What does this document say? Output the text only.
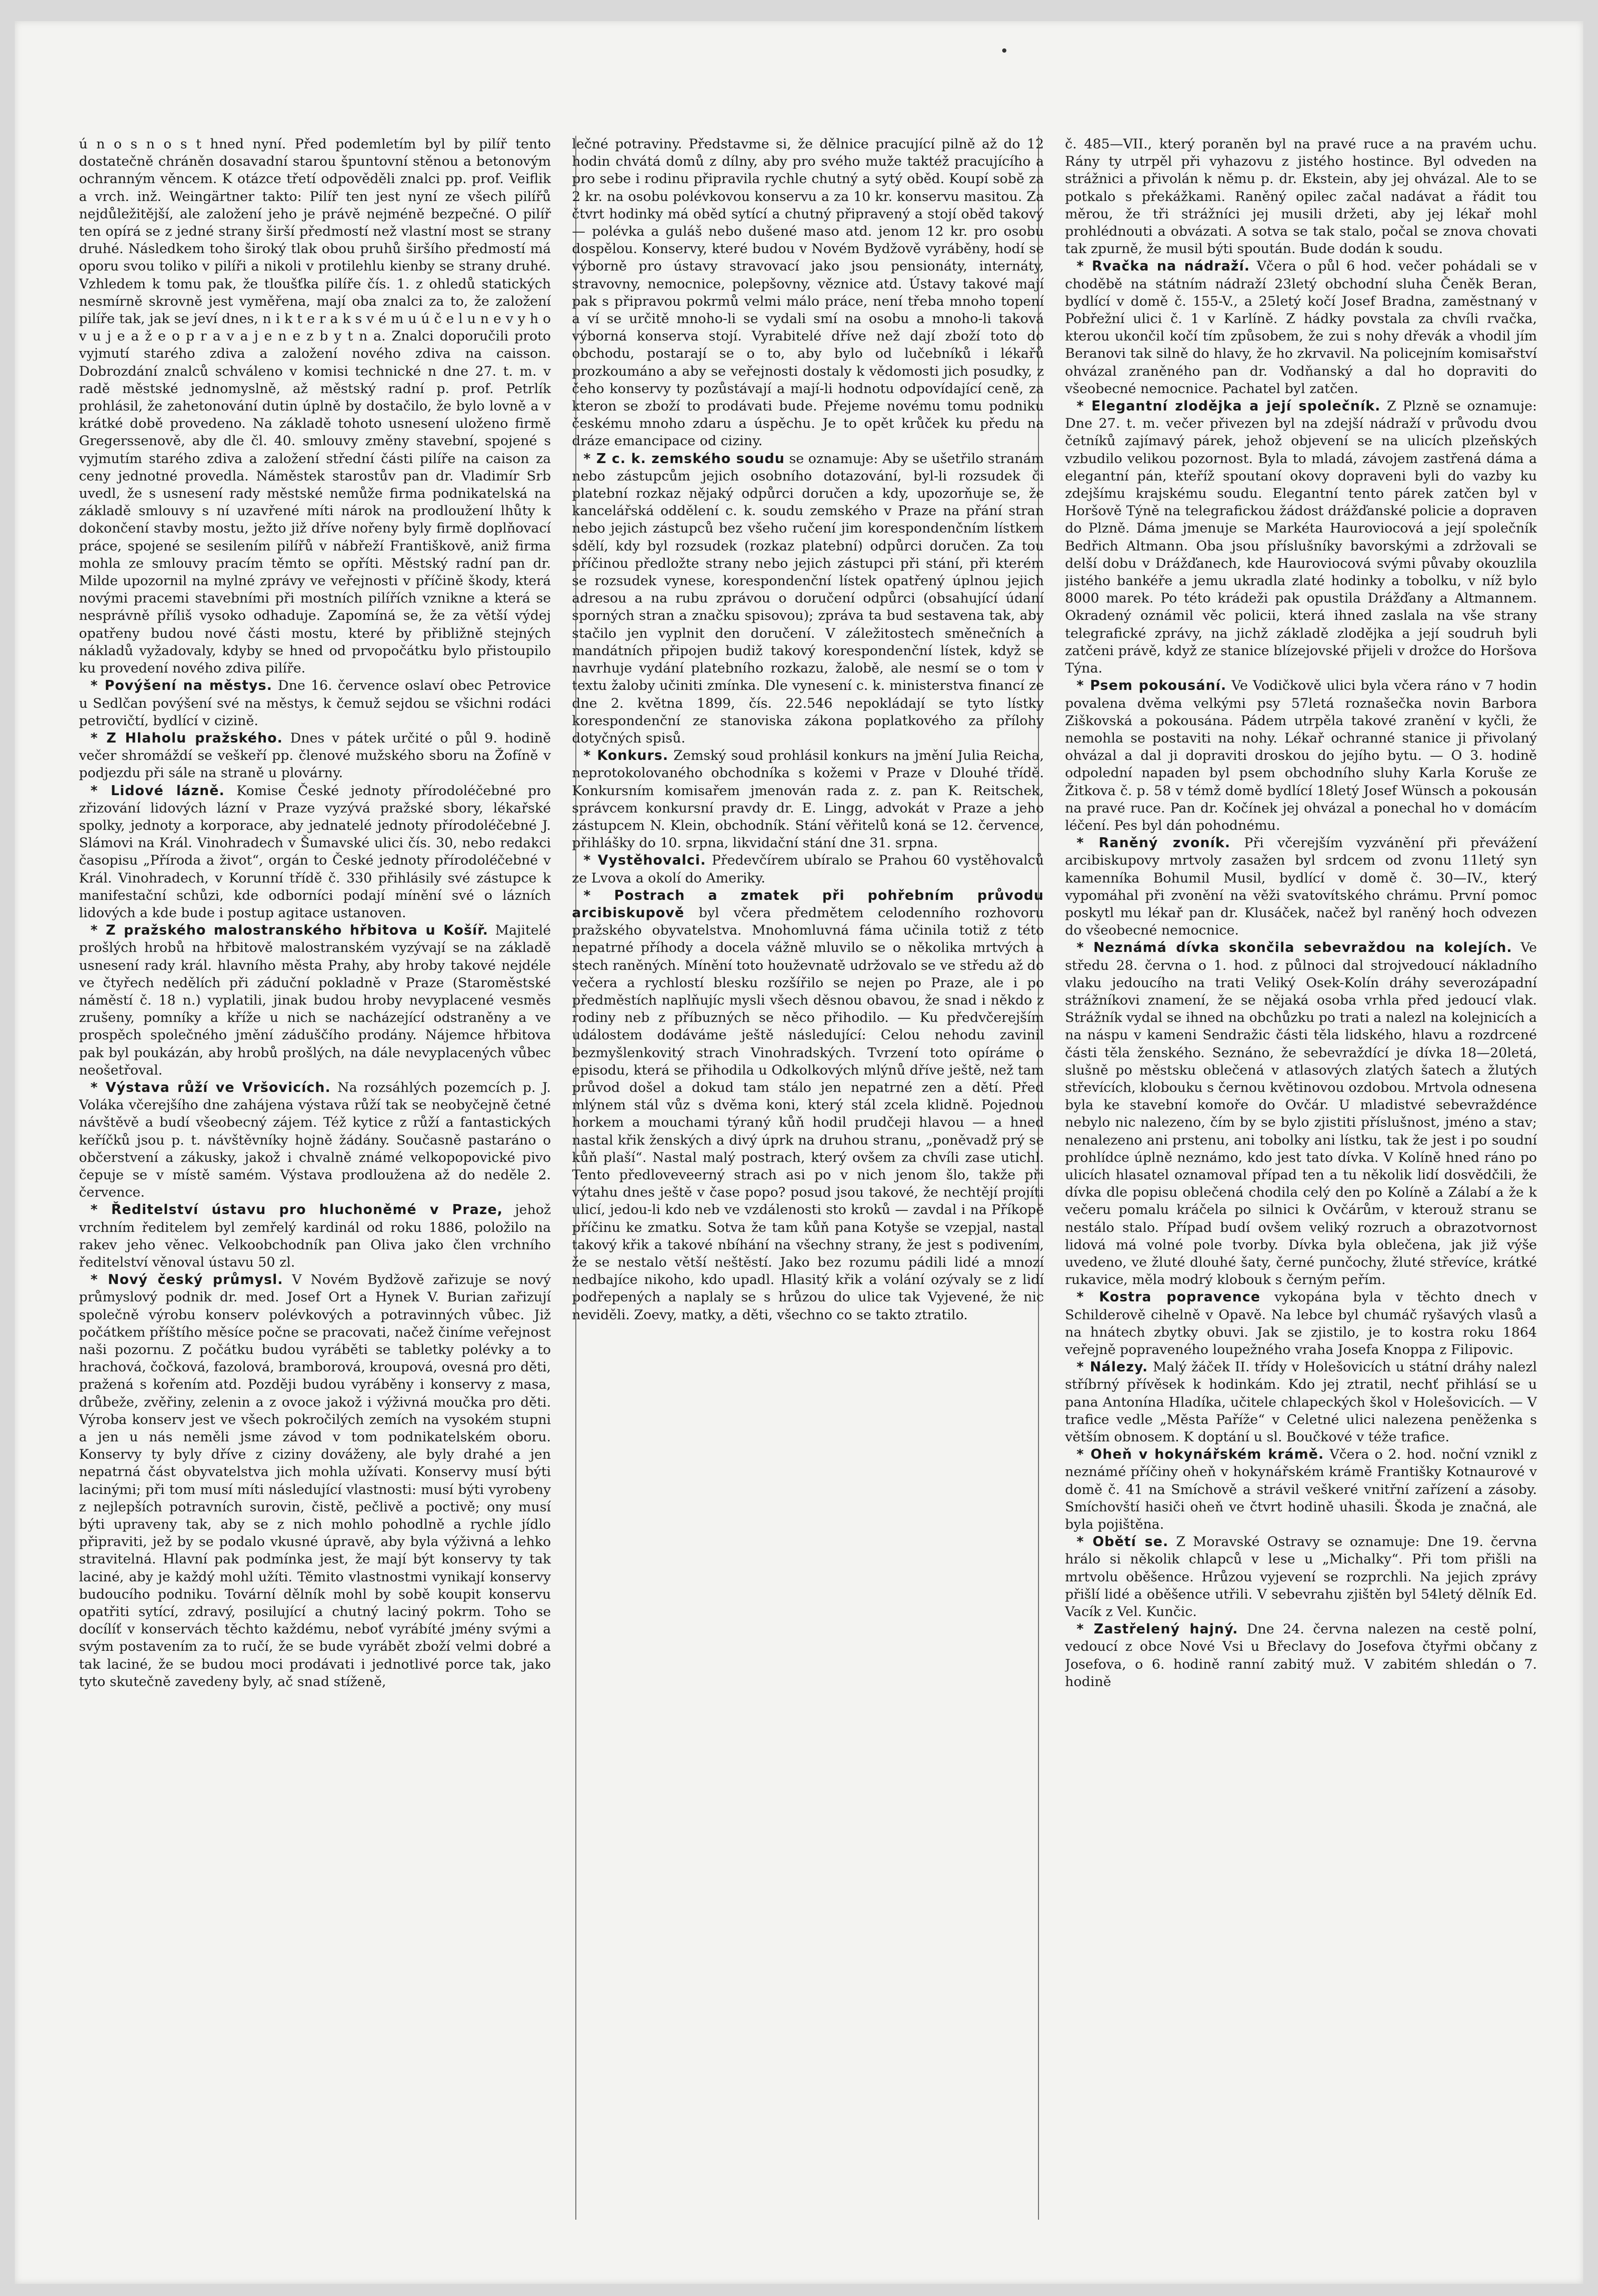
ú n o s n o s t hned nyní. Před podemletím byl by pilíř tento dostatečně chráněn dosavadní starou špuntovní stěnou a betonovým ochranným věncem. K otázce třetí odpověděli znalci pp. prof. Veiflik a vrch. inž. Weingärtner takto: Pilíř ten jest nyní ze všech pilířů nejdůležitější, ale založení jeho je právě nejméně bezpečné. O pilíř ten opírá se z jedné strany širší předmostí než vlastní most se strany druhé. Následkem toho široký tlak obou pruhů širšího předmostí má oporu svou toliko v pilíři a nikoli v protilehlu kienby se strany druhé. Vzhledem k tomu pak, že tloušťka pilíře čís. 1. z ohledů statických nesmírně skrovně jest vyměřena, mají oba znalci za to, že založení pilíře tak, jak se jeví dnes, n i k t e r a k s v é m u ú č e l u n e v y h o v u j e a ž e o p r a v a j e n e z b y t n a. Znalci doporučili proto vyjmutí starého zdiva a založení nového zdiva na caisson. Dobrozdání znalců schváleno v komisi technické n dne 27. t. m. v radě městské jednomyslně, až městský radní p. prof. Petrlík prohlásil, že zahetonování dutin úplně by dostačilo, že bylo lovně a v krátké době provedeno. Na základě tohoto usnesení uloženo firmě Gregerssenově, aby dle čl. 40. smlouvy změny stavební, spojené s vyjmutím starého zdiva a založení střední části pilíře na caison za ceny jednotné provedla. Náměstek starostův pan dr. Vladimír Srb uvedl, že s usnesení rady městské nemůže firma podnikatelská na základě smlouvy s ní uzavřené míti nárok na prodloužení lhůty k dokončení stavby mostu, ježto již dříve nořeny byly firmě doplňovací práce, spojené se sesilením pilířů v nábřeží Františkově, aniž firma mohla ze smlouvy pracím těmto se opříti. Městský radní pan dr. Milde upozornil na mylné zprávy ve veřejnosti v příčině škody, která novými pracemi stavebními při mostních pilířích vznikne a která se nesprávně příliš vysoko odhaduje. Zapomíná se, že za větší výdej opatřeny budou nové části mostu, které by přibližně stejných nákladů vyžadovaly, kdyby se hned od prvopočátku bylo přistoupilo ku provedení nového zdiva pilíře.

* Povýšení na městys. Dne 16. července oslaví obec Petrovice u Sedlčan povýšení své na městys, k čemuž sejdou se všichni rodáci petrovičtí, bydlící v cizině.

* Z Hlaholu pražského. Dnes v pátek určité o půl 9. hodině večer shromáždí se veškeří pp. členové mužského sboru na Žofíně v podjezdu při sále na straně u plovárny.

* Lidové lázně. Komise České jednoty přírodoléčebné pro zřizování lidových lázní v Praze vyzývá pražské sbory, lékařské spolky, jednoty a korporace, aby jednatelé jednoty přírodoléčebné J. Slámovi na Král. Vinohradech v Šumavské ulici čís. 30, nebo redakci časopisu „Příroda a život“, orgán to České jednoty přírodoléčebné v Král. Vinohradech, v Korunní třídě č. 330 přihlásily své zástupce k manifestační schůzi, kde odborníci podají mínění své o lázních lidových a kde bude i postup agitace ustanoven.

* Z pražského malostranského hřbitova u Košíř. Majitelé prošlých hrobů na hřbitově malostranském vyzývají se na základě usnesení rady král. hlavního města Prahy, aby hroby takové nejdéle ve čtyřech nedělích při záduční pokladně v Praze (Staroměstské náměstí č. 18 n.) vyplatili, jinak budou hroby nevyplacené vesměs zrušeny, pomníky a kříže u nich se nacházející odstraněny a ve prospěch společného jmění záduščího prodány. Nájemce hřbitova pak byl poukázán, aby hrobů prošlých, na dále nevyplacených vůbec neošetřoval.

* Výstava růží ve Vršovicích. Na rozsáhlých pozemcích p. J. Voláka včerejšího dne zahájena výstava růží tak se neobyčejně četné návštěvě a budí všeobecný zájem. Též kytice z růží a fantastických keříčků jsou p. t. návštěvníky hojně žádány. Současně pastaráno o občerstvení a zákusky, jakož i chvalně známé velkopopovické pivo čepuje se v místě samém. Výstava prodloužena až do neděle 2. července.

* Ředitelství ústavu pro hluchoněmé v Praze, jehož vrchním ředitelem byl zemřelý kardinál od roku 1886, položilo na rakev jeho věnec. Velkoobchodník pan Oliva jako člen vrchního ředitelství věnoval ústavu 50 zl.

* Nový český průmysl. V Novém Bydžově zařizuje se nový průmyslový podnik dr. med. Josef Ort a Hynek V. Burian zařizují společně výrobu konserv polévkových a potravinných vůbec. Již počátkem příštího měsíce počne se pracovati, načež činíme veřejnost naši pozornu. Z počátku budou vyráběti se tabletky polévky a to hrachová, čočková, fazolová, bramborová, kroupová, ovesná pro děti, pražená s kořením atd. Později budou vyráběny i konservy z masa, drůbeže, zvěřiny, zelenin a z ovoce jakož i výživná moučka pro děti. Výroba konserv jest ve všech pokročilých zemích na vysokém stupni a jen u nás neměli jsme závod v tom podnikatelském oboru. Konservy ty byly dříve z ciziny dováženy, ale byly drahé a jen nepatrná část obyvatelstva jich mohla užívati. Konservy musí býti lacinými; při tom musí míti následující vlastnosti: musí býti vyrobeny z nejlepších potravních surovin, čistě, pečlivě a poctivě; ony musí býti upraveny tak, aby se z nich mohlo pohodlně a rychle jídlo připraviti, jež by se podalo vkusné úpravě, aby byla výživná a lehko stravitelná. Hlavní pak podmínka jest, že mají být konservy ty tak laciné, aby je každý mohl užíti. Těmito vlastnostmi vynikají konservy budoucího podniku. Tovární dělník mohl by sobě koupit konservu opatřiti sytící, zdravý, posilující a chutný laciný pokrm. Toho se docílíť v konservách těchto každému, neboť vyrábíté jmény svými a svým postavením za to ručí, že se bude vyrábět zboží velmi dobré a tak laciné, že se budou moci prodávati i jednotlivé porce tak, jako tyto skutečně zavedeny byly, ač snad stíženě,

lečné potraviny. Představme si, že dělnice pracující pilně až do 12 hodin chvátá domů z dílny, aby pro svého muže taktéž pracujícího a pro sebe i rodinu připravila rychle chutný a sytý oběd. Koupí sobě za 2 kr. na osobu polévkovou konservu a za 10 kr. konservu masitou. Za čtvrt hodinky má oběd sytící a chutný připravený a stojí oběd takový — polévka a guláš nebo dušené maso atd. jenom 12 kr. pro osobu dospělou. Konservy, které budou v Novém Bydžově vyráběny, hodí se výborně pro ústavy stravovací jako jsou pensionáty, internáty, stravovny, nemocnice, polepšovny, věznice atd. Ústavy takové mají pak s připravou pokrmů velmi málo práce, není třeba mnoho topení a ví se určitě mnoho-li se vydali smí na osobu a mnoho-li taková výborná konserva stojí. Vyrabitelé dříve než dají zboží toto do obchodu, postarají se o to, aby bylo od lučebníků i lékařů prozkoumáno a aby se veřejnosti dostaly k vědomosti jich posudky, z čeho konservy ty pozůstávají a mají-li hodnotu odpovídající ceně, za kteron se zboží to prodávati bude. Přejeme novému tomu podniku českému mnoho zdaru a úspěchu. Je to opět krůček ku předu na dráze emancipace od ciziny.

* Z c. k. zemského soudu se oznamuje: Aby se ušetřilo stranám nebo zástupcům jejich osobního dotazování, byl-li rozsudek či platební rozkaz nějaký odpůrci doručen a kdy, upozorňuje se, že kancelářská oddělení c. k. soudu zemského v Praze na přání stran nebo jejich zástupců bez všeho ručení jim korespondenčním lístkem sdělí, kdy byl rozsudek (rozkaz platební) odpůrci doručen. Za tou příčinou předložte strany nebo jejich zástupci při stání, při kterém se rozsudek vynese, korespondenční lístek opatřený úplnou jejich adresou a na rubu zprávou o doručení odpůrci (obsahující údaní sporných stran a značku spisovou); zpráva ta bud sestavena tak, aby stačilo jen vyplnit den doručení. V záležitostech směnečních a mandátních připojen budiž takový korespondenční lístek, když se navrhuje vydání platebního rozkazu, žalobě, ale nesmí se o tom v textu žaloby učiniti zmínka. Dle vynesení c. k. ministerstva financí ze dne 2. května 1899, čís. 22.546 nepokládají se tyto lístky korespondenční ze stanoviska zákona poplatkového za přílohy dotyčných spisů.

* Konkurs. Zemský soud prohlásil konkurs na jmění Julia Reicha, neprotokolovaného obchodníka s kožemi v Praze v Dlouhé třídě. Konkursním komisařem jmenován rada z. z. pan K. Reitschek, správcem konkursní pravdy dr. E. Lingg, advokát v Praze a jeho zástupcem N. Klein, obchodník. Stání věřitelů koná se 12. července, přihlášky do 10. srpna, likvidační stání dne 31. srpna.

* Vystěhovalci. Předevčírem ubíralo se Prahou 60 vystěhovalců ze Lvova a okolí do Ameriky.

* Postrach a zmatek při pohřebním průvodu arcibiskupově byl včera předmětem celodenního rozhovoru pražského obyvatelstva. Mnohomluvná fáma učinila totiž z této nepatrné příhody a docela vážně mluvilo se o několika mrtvých a stech raněných. Mínění toto houževnatě udržovalo se ve středu až do večera a rychlostí blesku rozšířilo se nejen po Praze, ale i po předměstích naplňujíc mysli všech děsnou obavou, že snad i někdo z rodiny neb z příbuzných se něco přihodilo. — Ku předvčerejším událostem dodáváme ještě následující: Celou nehodu zavinil bezmyšlenkovitý strach Vinohradských. Tvrzení toto opíráme o episodu, která se přihodila u Odkolkových mlýnů dříve ještě, než tam průvod došel a dokud tam stálo jen nepatrné zen a dětí. Před mlýnem stál vůz s dvěma koni, který stál zcela klidně. Pojednou horkem a mouchami týraný kůň hodil prudčeji hlavou — a hned nastal křik ženských a divý úprk na druhou stranu, „poněvadž prý se kůň plaší“. Nastal malý postrach, který ovšem za chvíli zase utichl. Tento předloveveerný strach asi po v nich jenom šlo, takže při výtahu dnes ještě v čase popo? posud jsou takové, že nechtějí projíti ulicí, jedou-li kdo neb ve vzdálenosti sto kroků — zavdal i na Příkopě příčinu ke zmatku. Sotva že tam kůň pana Kotyše se vzepjal, nastal takový křik a takové nbíhání na všechny strany, že jest s podivením, že se nestalo větší neštěstí. Jako bez rozumu pádili lidé a mnozí nedbajíce nikoho, kdo upadl. Hlasitý křik a volání ozývaly se z lidí podřepených a naplaly se s hrůzou do ulice tak Vyjevené, že nic neviděli. Zoevy, matky, a děti, všechno co se takto ztratilo.

č. 485—VII., který poraněn byl na pravé ruce a na pravém uchu. Rány ty utrpěl při vyhazovu z jistého hostince. Byl odveden na strážnici a přivolán k němu p. dr. Ekstein, aby jej ohvázal. Ale to se potkalo s překážkami. Raněný opilec začal nadávat a řádit tou měrou, že tři strážníci jej musili držeti, aby jej lékař mohl prohlédnouti a obvázati. A sotva se tak stalo, počal se znova chovati tak zpurně, že musil býti spoután. Bude dodán k soudu.

* Rvačka na nádraží. Včera o půl 6 hod. večer pohádali se v choděbě na státním nádraží 23letý obchodní sluha Čeněk Beran, bydlící v domě č. 155-V., a 25letý kočí Josef Bradna, zaměstnaný v Pobřežní ulici č. 1 v Karlíně. Z hádky povstala za chvíli rvačka, kterou ukončil kočí tím způsobem, že zui s nohy dřevák a vhodil jím Beranovi tak silně do hlavy, že ho zkrvavil. Na policejním komisařství ohvázal zraněného pan dr. Vodňanský a dal ho dopraviti do všeobecné nemocnice. Pachatel byl zatčen.

* Elegantní zlodějka a její společník. Z Plzně se oznamuje: Dne 27. t. m. večer přivezen byl na zdejší nádraží v průvodu dvou četníků zajímavý párek, jehož objevení se na ulicích plzeňských vzbudilo velikou pozornost. Byla to mladá, závojem zastřená dáma a elegantní pán, kteříž spoutaní okovy dopraveni byli do vazby ku zdejšímu krajskému soudu. Elegantní tento párek zatčen byl v Horšově Týně na telegrafickou žádost drážďanské policie a dopraven do Plzně. Dáma jmenuje se Markéta Hauroviocová a její společník Bedřich Altmann. Oba jsou příslušníky bavorskými a zdržovali se delší dobu v Drážďanech, kde Hauroviocová svými půvaby okouzlila jistého bankéře a jemu ukradla zlaté hodinky a tobolku, v níž bylo 8000 marek. Po této krádeži pak opustila Drážďany a Altmannem. Okradený oznámil věc policii, která ihned zaslala na vše strany telegrafické zprávy, na jichž základě zlodějka a její soudruh byli zatčeni právě, když ze stanice blízejovské přijeli v drožce do Horšova Týna.

* Psem pokousání. Ve Vodičkově ulici byla včera ráno v 7 hodin povalena dvěma velkými psy 57letá roznašečka novin Barbora Ziškovská a pokousána. Pádem utrpěla takové zranění v kyčli, že nemohla se postaviti na nohy. Lékař ochranné stanice ji přivolaný ohvázal a dal ji dopraviti droskou do jejího bytu. — O 3. hodině odpolední napaden byl psem obchodního sluhy Karla Koruše ze Žitkova č. p. 58 v témž domě bydlící 18letý Josef Wünsch a pokousán na pravé ruce. Pan dr. Kočínek jej ohvázal a ponechal ho v domácím léčení. Pes byl dán pohodnému.

* Raněný zvoník. Při včerejším vyzvánění při převážení arcibiskupovy mrtvoly zasažen byl srdcem od zvonu 11letý syn kamenníka Bohumil Musil, bydlící v domě č. 30—IV., který vypomáhal při zvonění na věži svatovítského chrámu. První pomoc poskytl mu lékař pan dr. Klusáček, načež byl raněný hoch odvezen do všeobecné nemocnice.

* Neznámá dívka skončila sebevraždou na kolejích. Ve středu 28. června o 1. hod. z půlnoci dal strojvedoucí nákladního vlaku jedoucího na trati Veliký Osek-Kolín dráhy severozápadní strážníkovi znamení, že se nějaká osoba vrhla před jedoucí vlak. Strážník vydal se ihned na obchůzku po trati a nalezl na kolejnicích a na náspu v kameni Sendražic části těla lidského, hlavu a rozdrcené části těla ženského. Seznáno, že sebevraždící je dívka 18—20letá, slušně po městsku oblečená v atlasových zlatých šatech a žlutých střevících, klobouku s černou květinovou ozdobou. Mrtvola odnesena byla ke stavební komoře do Ovčár. U mladistvé sebevraždénce nebylo nic nalezeno, čím by se bylo zjistiti příslušnost, jméno a stav; nenalezeno ani prstenu, ani tobolky ani lístku, tak že jest i po soudní prohlídce úplně neznámo, kdo jest tato dívka. V Kolíně hned ráno po ulicích hlasatel oznamoval případ ten a tu několik lidí dosvědčili, že dívka dle popisu oblečená chodila celý den po Kolíně a Zálabí a že k večeru pomalu kráčela po silnici k Ovčárům, v kterouž stranu se nestálo stalo. Případ budí ovšem veliký rozruch a obrazotvornost lidová má volné pole tvorby. Dívka byla oblečena, jak již výše uvedeno, ve žluté dlouhé šaty, černé punčochy, žluté střevíce, krátké rukavice, měla modrý klobouk s černým peřím.

* Kostra popravence vykopána byla v těchto dnech v Schilderově cihelně v Opavě. Na lebce byl chumáč ryšavých vlasů a na hnátech zbytky obuvi. Jak se zjistilo, je to kostra roku 1864 veřejně popraveného loupežného vraha Josefa Knoppa z Filipovic.

* Nálezy. Malý žáček II. třídy v Holešovicích u státní dráhy nalezl stříbrný přívěsek k hodinkám. Kdo jej ztratil, nechť přihlásí se u pana Antonína Hladíka, učitele chlapeckých škol v Holešovicích. — V trafice vedle „Města Paříže“ v Celetné ulici nalezena peněženka s větším obnosem. K doptání u sl. Boučkové v téže trafice.

* Oheň v hokynářském krámě. Včera o 2. hod. noční vznikl z neznámé příčiny oheň v hokynářském krámě Františky Kotnaurové v domě č. 41 na Smíchově a strávil veškeré vnitřní zařízení a zásoby. Smíchovští hasiči oheň ve čtvrt hodině uhasili. Škoda je značná, ale byla pojištěna.

* Obětí se. Z Moravské Ostravy se oznamuje: Dne 19. června hrálo si několik chlapců v lese u „Michalky“. Při tom přišli na mrtvolu oběšence. Hrůzou vyjevení se rozprchli. Na jejich zprávy přišlí lidé a oběšence utřili. V sebevrahu zjištěn byl 54letý dělník Ed. Vacík z Vel. Kunčic.

* Zastřelený hajný. Dne 24. června nalezen na cestě polní, vedoucí z obce Nové Vsi u Břeclavy do Josefova čtyřmi občany z Josefova, o 6. hodině ranní zabitý muž. V zabitém shledán o 7. hodině
